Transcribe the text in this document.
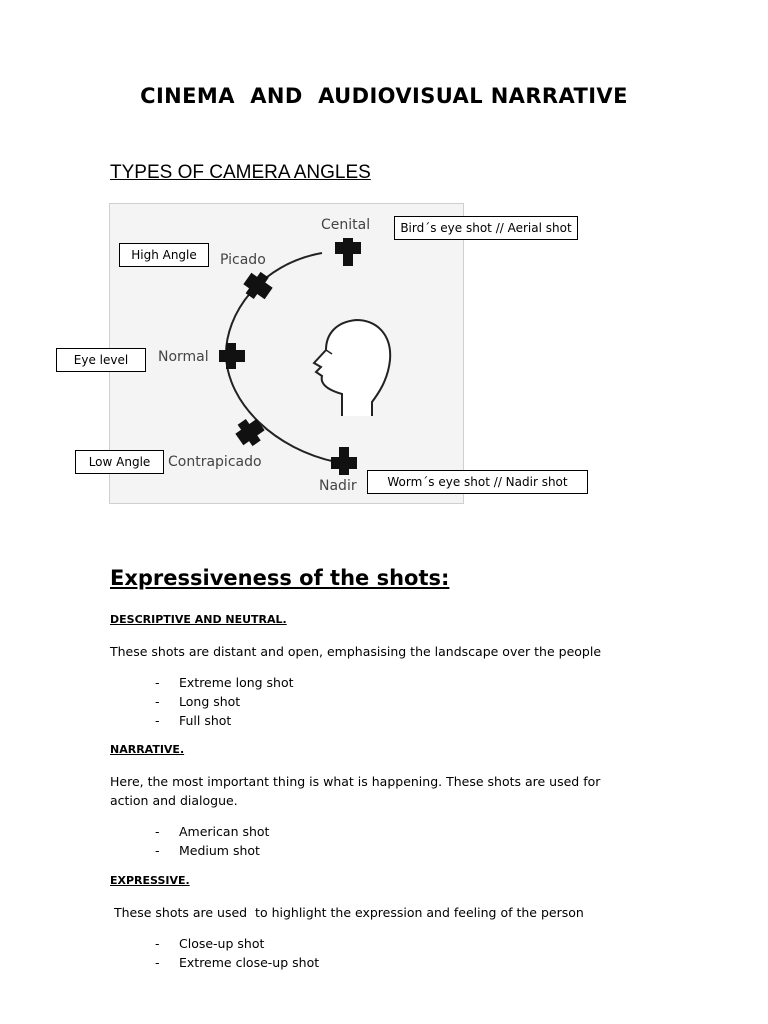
CINEMA  AND  AUDIOVISUAL NARRATIVE
TYPES OF CAMERA ANGLES
Cenital
Picado
Normal
Contrapicado
Nadir
Bird´s eye shot // Aerial shot
High Angle
Eye level
Low Angle
Worm´s eye shot // Nadir shot
Expressiveness of the shots:
DESCRIPTIVE AND NEUTRAL.
These shots are distant and open, emphasising the landscape over the people
-	Extreme long shot
-	Long shot
-	Full shot
NARRATIVE.
Here, the most important thing is what is happening. These shots are used for action and dialogue.
-	American shot
-	Medium shot
EXPRESSIVE.
These shots are used  to highlight the expression and feeling of the person
-	Close-up shot
-	Extreme close-up shot
